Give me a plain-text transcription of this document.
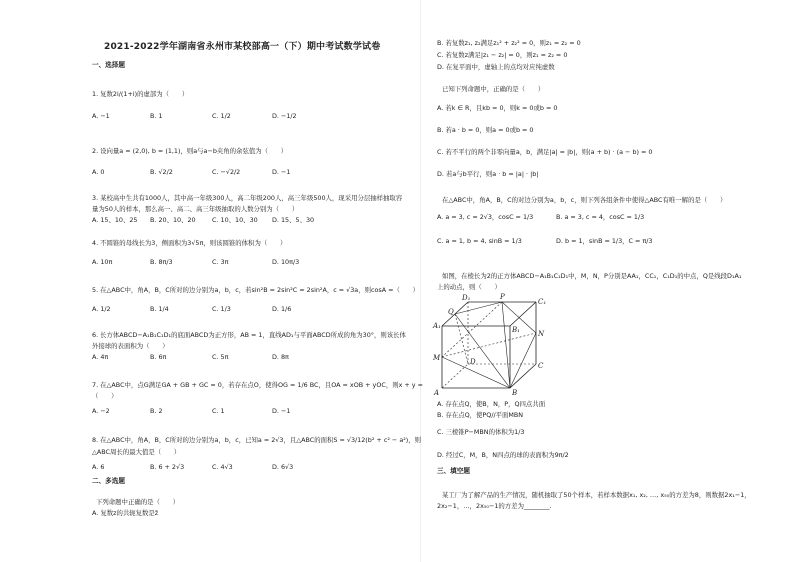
2021-2022学年湖南省永州市某校部高一（下）期中考试数学试卷
一、选择题
1. 复数2i/(1+i)的虚部为（　　）
A. −1	B. 1	C. 1/2	D. −1/2
2. 设向量a = (2,0), b = (1,1)，则a与a−b夹角的余弦值为（　　）
A. 0	B. √2/2	C. −√2/2	D. −1
3. 某校高中生共有1000人，其中高一年级300人，高二年级200人，高三年级500人，现采用分层抽样抽取容
量为50人的样本，那么高一、高二、高三年级抽取的人数分别为（　　）
A. 15、10、25 B. 20、10、20	C. 10、10、30 D. 15、5、30
4. 不圆锥的母线长为3，侧面积为3√5π，则该圆锥的体积为（　　）
A. 10π	B. 8π/3	C. 3π	D. 10π/3
5. 在△ABC中，角A，B，C所对的边分别为a，b，c，若sin²B = 2sin²C = 2sin²A，c = √3a，则cosA =（　　）
A. 1/2	B. 1/4	C. 1/3	D. 1/6
6. 长方体ABCD−A₁B₁C₁D₁的底面ABCD为正方形，AB = 1，直线AD₁与平面ABCD所成的角为30°，则该长体
外接球的表面积为（　　）
A. 4π	B. 6π	C. 5π	D. 8π
7. 在△ABC中，点G满足GA + GB + GC = 0，若存在点O，使得OG = 1/6 BC，且OA = xOB + yOC，则x + y =
（　　）
A. −2	B. 2	C. 1	D. −1
8. 在△ABC中，角A，B，C所对的边分别为a，b，c，已知a = 2√3，且△ABC的面积S = √3/12(b² + c² − a²)，则
△ABC周长的最大值是（　　）
A. 6	B. 6 + 2√3	C. 4√3	D. 6√3
二、多选题
下列命题中正确的是（　　）
A. 复数z的共轭复数是z̄
B. 若复数z₁, z₂满足z₁² + z₂² = 0，则z₁ = z₂ = 0
C. 若复数z满足|z₁ − z₂| = 0，则z₁ = z₂ = 0
D. 在复平面中，虚轴上的点均对应纯虚数
已知下列命题中，正确的是（　　）
A. 若k ∈ R，且kb = 0，则k = 0或b = 0
B. 若a · b = 0，则a = 0或b = 0
C. 若不平行的两个非零向量a，b，满足|a| = |b|，则(a + b) · (a − b) = 0
D. 若a与b平行，则a · b = |a| · |b|
在△ABC中，角A，B，C的对边分别为a，b，c，则下列各组条件中使得△ABC有唯一解的是（　　）
A. a = 3, c = 2√3，cosC = 1/3	B. a = 3, c = 4，cosC = 1/3
C. a = 1, b = 4, sinB = 1/3	D. b = 1，sinB = 1/3，C = π/3
如图，在棱长为2的正方体ABCD−A₁B₁C₁D₁中，M，N，P分别是AA₁，CC₁，C₁D₁的中点，Q是线段D₁A₁
上的动点，则（　　）
D₁	P
C₁
Q
A₁	B₁	N
M	D	C
A	B
A. 存在点Q，使B，N，P，Q四点共面
B. 存在点Q，使PQ//平面MBN
C. 三棱锥P−MBN的体积为1/3
D. 经过C，M，B，N四点的球的表面积为9π/2
三、填空题
某工厂为了解产品的生产情况，随机抽取了50个样本，若样本数据x₁, x₂, …, x₅₀的方差为8，则数据2x₁−1，
2x₂−1，…，2x₅₀−1的方差为________.
